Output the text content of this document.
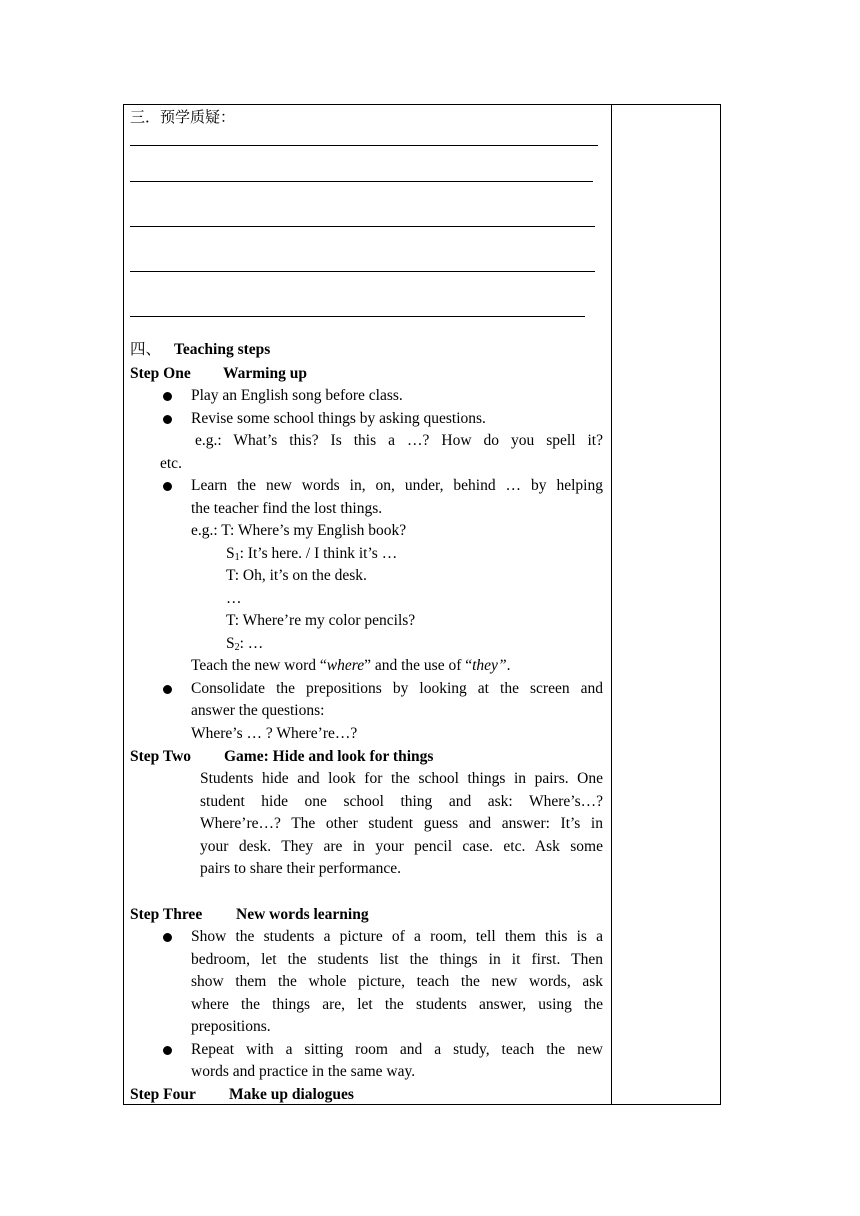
三．预学质疑：
四、 Teaching steps
Step One Warming up
Play an English song before class.
Revise some school things by asking questions.
e.g.: What’s this? Is this a …? How do you spell it?
etc.
Learn the new words in, on, under, behind … by helping
the teacher find the lost things.
e.g.: T: Where’s my English book?
$S_1$: It’s here. / I think it’s …
T: Oh, it’s on the desk.
…
T: Where’re my color pencils?
$S_2$: …
Teach the new word “where” and the use of “they”.
Consolidate the prepositions by looking at the screen and
answer the questions:
Where’s … ? Where’re…?
Step Two Game: Hide and look for things
Students hide and look for the school things in pairs. One
student hide one school thing and ask: Where’s…?
Where’re…? The other student guess and answer: It’s in
your desk. They are in your pencil case. etc. Ask some
pairs to share their performance.
Step Three New words learning
Show the students a picture of a room, tell them this is a
bedroom, let the students list the things in it first. Then
show them the whole picture, teach the new words, ask
where the things are, let the students answer, using the
prepositions.
Repeat with a sitting room and a study, teach the new
words and practice in the same way.
Step Four Make up dialogues
